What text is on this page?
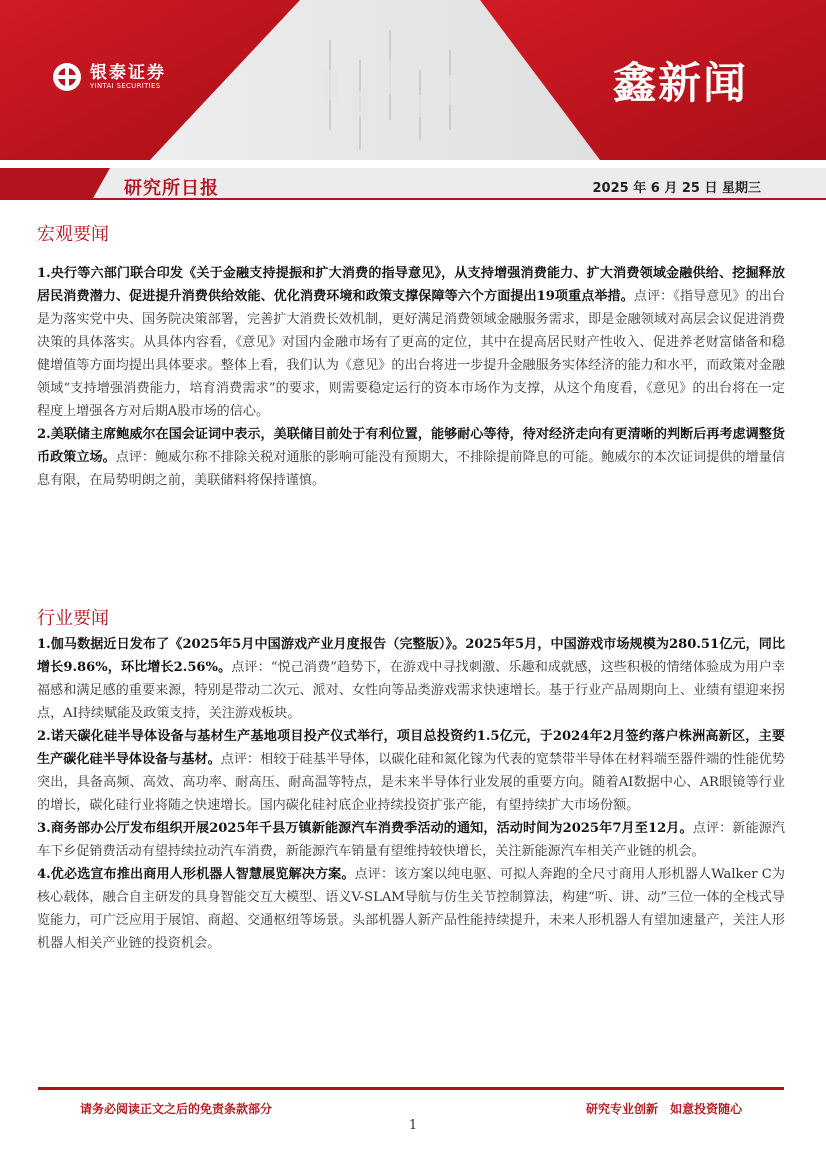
银泰证券
YINTAI SECURITIES	鑫新闻
研究所日报	2025 年 6 月 25 日 星期三
宏观要闻

1.央行等六部门联合印发《关于金融支持提振和扩大消费的指导意见》，从支持增强消费能力、扩大消费领域金融供给、挖掘释放居民消费潜力、促进提升消费供给效能、优化消费环境和政策支撑保障等六个方面提出19项重点举措。点评：《指导意见》的出台是为落实党中央、国务院决策部署，完善扩大消费长效机制，更好满足消费领域金融服务需求，即是金融领域对高层会议促进消费决策的具体落实。从具体内容看，《意见》对国内金融市场有了更高的定位，其中在提高居民财产性收入、促进养老财富储备和稳健增值等方面均提出具体要求。整体上看，我们认为《意见》的出台将进一步提升金融服务实体经济的能力和水平，而政策对金融领域“支持增强消费能力，培育消费需求”的要求，则需要稳定运行的资本市场作为支撑，从这个角度看，《意见》的出台将在一定程度上增强各方对后期A股市场的信心。

2.美联储主席鲍威尔在国会证词中表示，美联储目前处于有利位置，能够耐心等待，待对经济走向有更清晰的判断后再考虑调整货币政策立场。点评：鲍威尔称不排除关税对通胀的影响可能没有预期大，不排除提前降息的可能。鲍威尔的本次证词提供的增量信息有限，在局势明朗之前，美联储料将保持谨慎。

行业要闻

1.伽马数据近日发布了《2025年5月中国游戏产业月度报告（完整版）》。2025年5月，中国游戏市场规模为280.51亿元，同比增长9.86%，环比增长2.56%。点评：“悦己消费”趋势下，在游戏中寻找刺激、乐趣和成就感，这些积极的情绪体验成为用户幸福感和满足感的重要来源，特别是带动二次元、派对、女性向等品类游戏需求快速增长。基于行业产品周期向上、业绩有望迎来拐点，AI持续赋能及政策支持，关注游戏板块。

2.诺天碳化硅半导体设备与基材生产基地项目投产仪式举行，项目总投资约1.5亿元，于2024年2月签约落户株洲高新区，主要生产碳化硅半导体设备与基材。点评：相较于硅基半导体，以碳化硅和氮化镓为代表的宽禁带半导体在材料端至器件端的性能优势突出，具备高频、高效、高功率、耐高压、耐高温等特点，是未来半导体行业发展的重要方向。随着AI数据中心、AR眼镜等行业的增长，碳化硅行业将随之快速增长。国内碳化硅衬底企业持续投资扩张产能，有望持续扩大市场份额。

3.商务部办公厅发布组织开展2025年千县万镇新能源汽车消费季活动的通知，活动时间为2025年7月至12月。点评：新能源汽车下乡促销费活动有望持续拉动汽车消费，新能源汽车销量有望维持较快增长，关注新能源汽车相关产业链的机会。

4.优必选宣布推出商用人形机器人智慧展览解决方案。点评：该方案以纯电驱、可拟人奔跑的全尺寸商用人形机器人Walker C为核心载体，融合自主研发的具身智能交互大模型、语义V-SLAM导航与仿生关节控制算法，构建“听、讲、动”三位一体的全栈式导览能力，可广泛应用于展馆、商超、交通枢纽等场景。头部机器人新产品性能持续提升，未来人形机器人有望加速量产，关注人形机器人相关产业链的投资机会。

请务必阅读正文之后的免责条款部分	研究专业创新 如意投资随心
1
